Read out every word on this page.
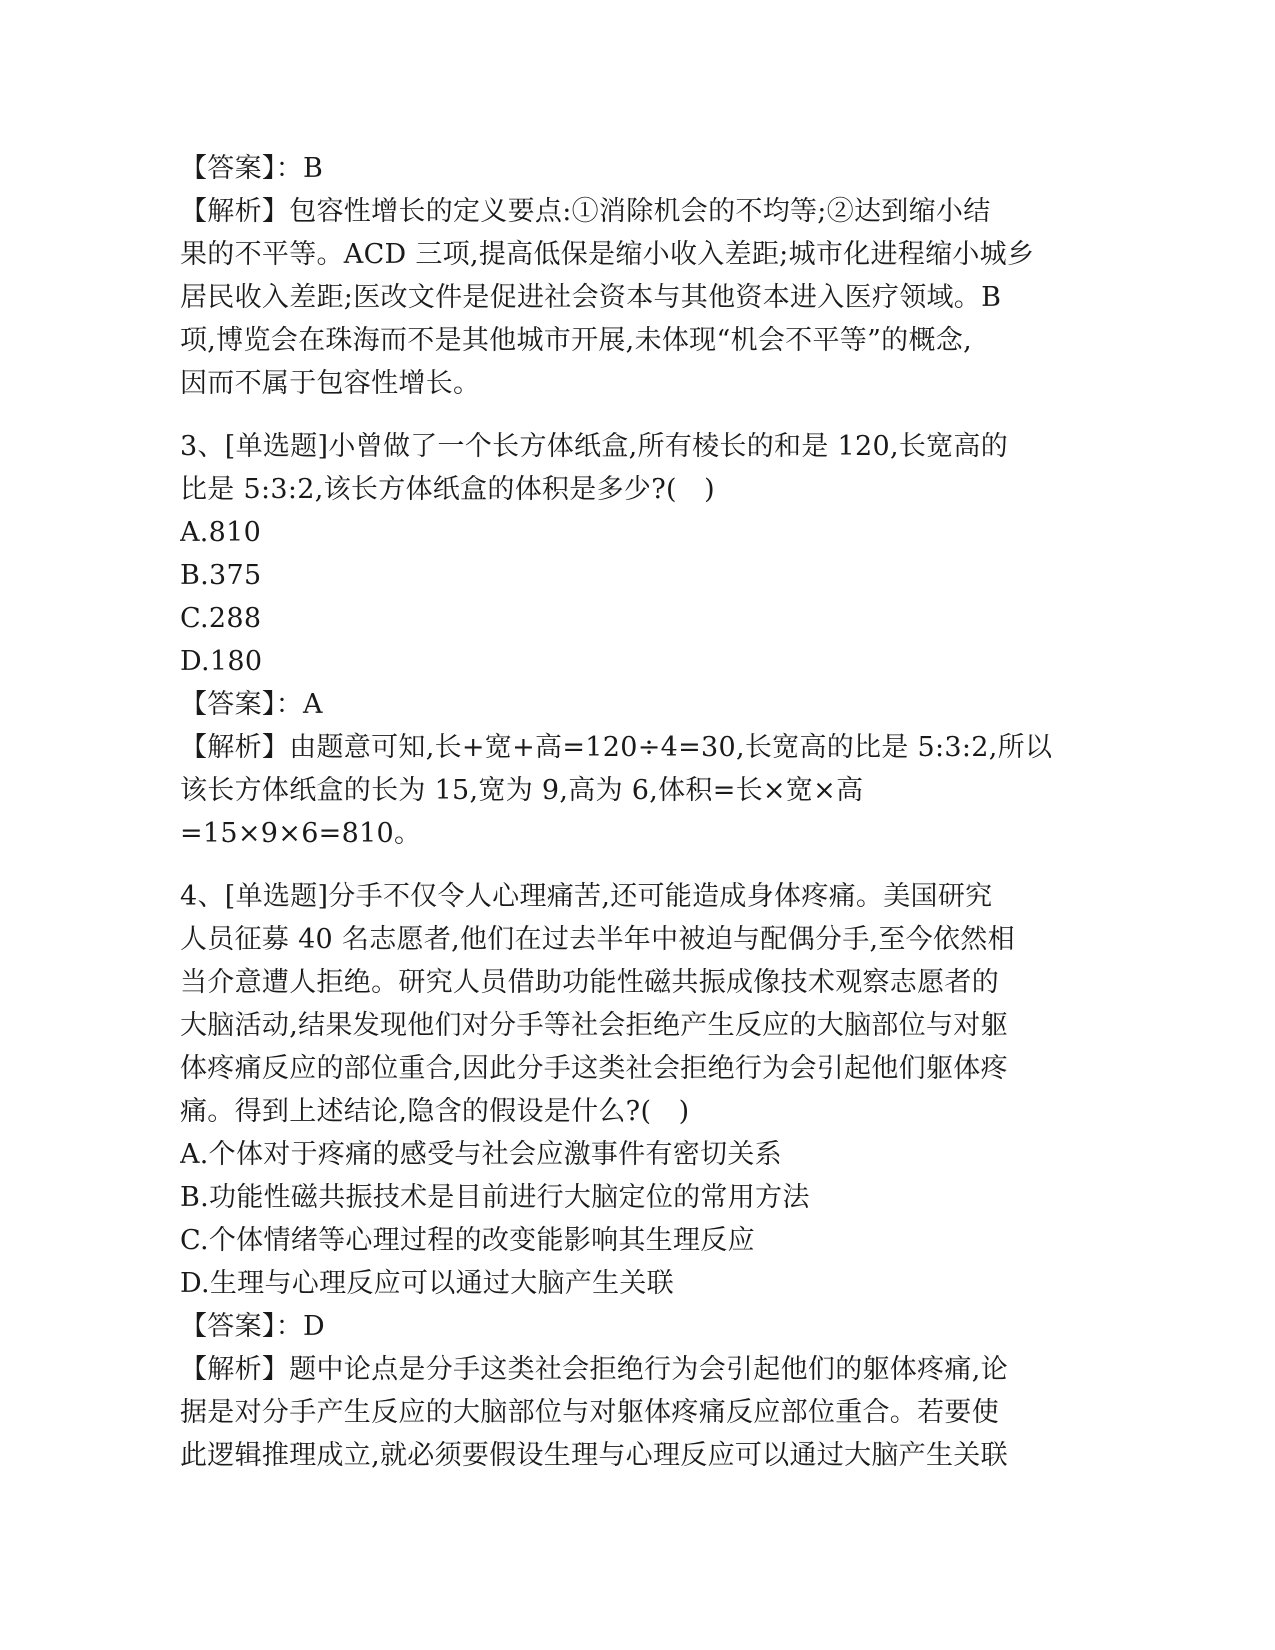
【答案】：B
【解析】包容性增长的定义要点:①消除机会的不均等;②达到缩小结
果的不平等。ACD 三项,提高低保是缩小收入差距;城市化进程缩小城乡
居民收入差距;医改文件是促进社会资本与其他资本进入医疗领域。B
项,博览会在珠海而不是其他城市开展,未体现“机会不平等”的概念,
因而不属于包容性增长。
3、[单选题]小曾做了一个长方体纸盒,所有棱长的和是 120,长宽高的
比是 5:3:2,该长方体纸盒的体积是多少?(　)
A.810
B.375
C.288
D.180
【答案】：A
【解析】由题意可知,长+宽+高=120÷4=30,长宽高的比是 5:3:2,所以
该长方体纸盒的长为 15,宽为 9,高为 6,体积=长×宽×高
=15×9×6=810。
4、[单选题]分手不仅令人心理痛苦,还可能造成身体疼痛。美国研究
人员征募 40 名志愿者,他们在过去半年中被迫与配偶分手,至今依然相
当介意遭人拒绝。研究人员借助功能性磁共振成像技术观察志愿者的
大脑活动,结果发现他们对分手等社会拒绝产生反应的大脑部位与对躯
体疼痛反应的部位重合,因此分手这类社会拒绝行为会引起他们躯体疼
痛。得到上述结论,隐含的假设是什么?(　)
A.个体对于疼痛的感受与社会应激事件有密切关系
B.功能性磁共振技术是目前进行大脑定位的常用方法
C.个体情绪等心理过程的改变能影响其生理反应
D.生理与心理反应可以通过大脑产生关联
【答案】：D
【解析】题中论点是分手这类社会拒绝行为会引起他们的躯体疼痛,论
据是对分手产生反应的大脑部位与对躯体疼痛反应部位重合。若要使
此逻辑推理成立,就必须要假设生理与心理反应可以通过大脑产生关联
